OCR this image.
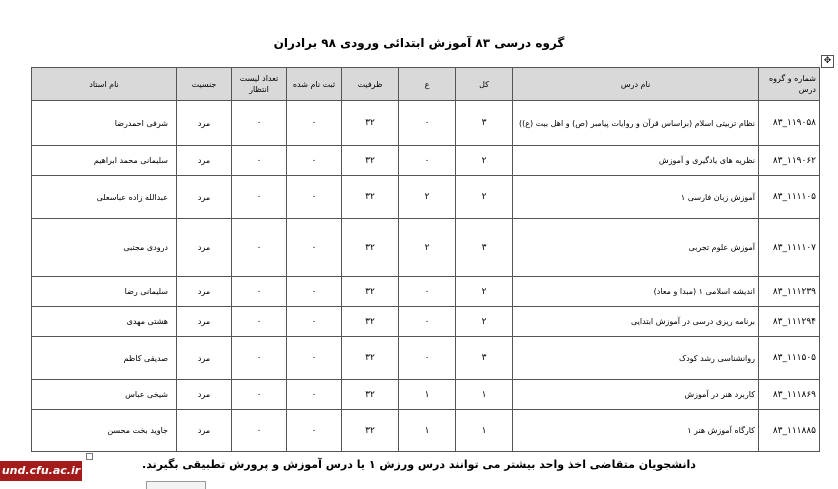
گروه درسی ۸۳ آموزش ابتدائی ورودی ۹۸ برادران
✥
شماره و گروه درس	نام درس	کل	ع	ظرفیت	ثبت نام شده	تعداد لیست انتظار	جنسیت	نام استاد
۸۳_۱۱۹۰۵۸	نظام تربیتی اسلام (براساس قرآن و روایات پیامبر (ص) و اهل بیت (ع))	۳	۰	۳۲	۰	۰	مرد	شرفی احمدرضا
۸۳_۱۱۹۰۶۲	نظریه های یادگیری و آموزش	۲	۰	۳۲	۰	۰	مرد	سلیمانی محمد ابراهیم
۸۳_۱۱۱۱۰۵	آموزش زبان فارسی ۱	۲	۲	۳۲	۰	۰	مرد	عبدالله زاده عباسعلی
۸۳_۱۱۱۱۰۷	آموزش علوم تجربی	۳	۲	۳۲	۰	۰	مرد	درودی مجتبی
۸۳_۱۱۱۲۳۹	اندیشه اسلامی ۱ (مبدا و معاد)	۲	۰	۳۲	۰	۰	مرد	سلیمانی رضا
۸۳_۱۱۱۲۹۴	برنامه ریزی درسی در آموزش ابتدایی	۲	۰	۳۲	۰	۰	مرد	هشتی مهدی
۸۳_۱۱۱۵۰۵	روانشناسی رشد کودک	۳	۰	۳۲	۰	۰	مرد	صدیقی کاظم
۸۳_۱۱۱۸۶۹	کاربرد هنر در آموزش	۱	۱	۳۲	۰	۰	مرد	شیخی عباس
۸۳_۱۱۱۸۸۵	کارگاه آموزش هنر ۱	۱	۱	۳۲	۰	۰	مرد	جاوید بخت محسن
دانشجویان متقاضی اخذ واحد بیشتر می توانند درس ورزش ۱ یا درس آموزش و پرورش تطبیقی بگیرند.
und.cfu.ac.ir
